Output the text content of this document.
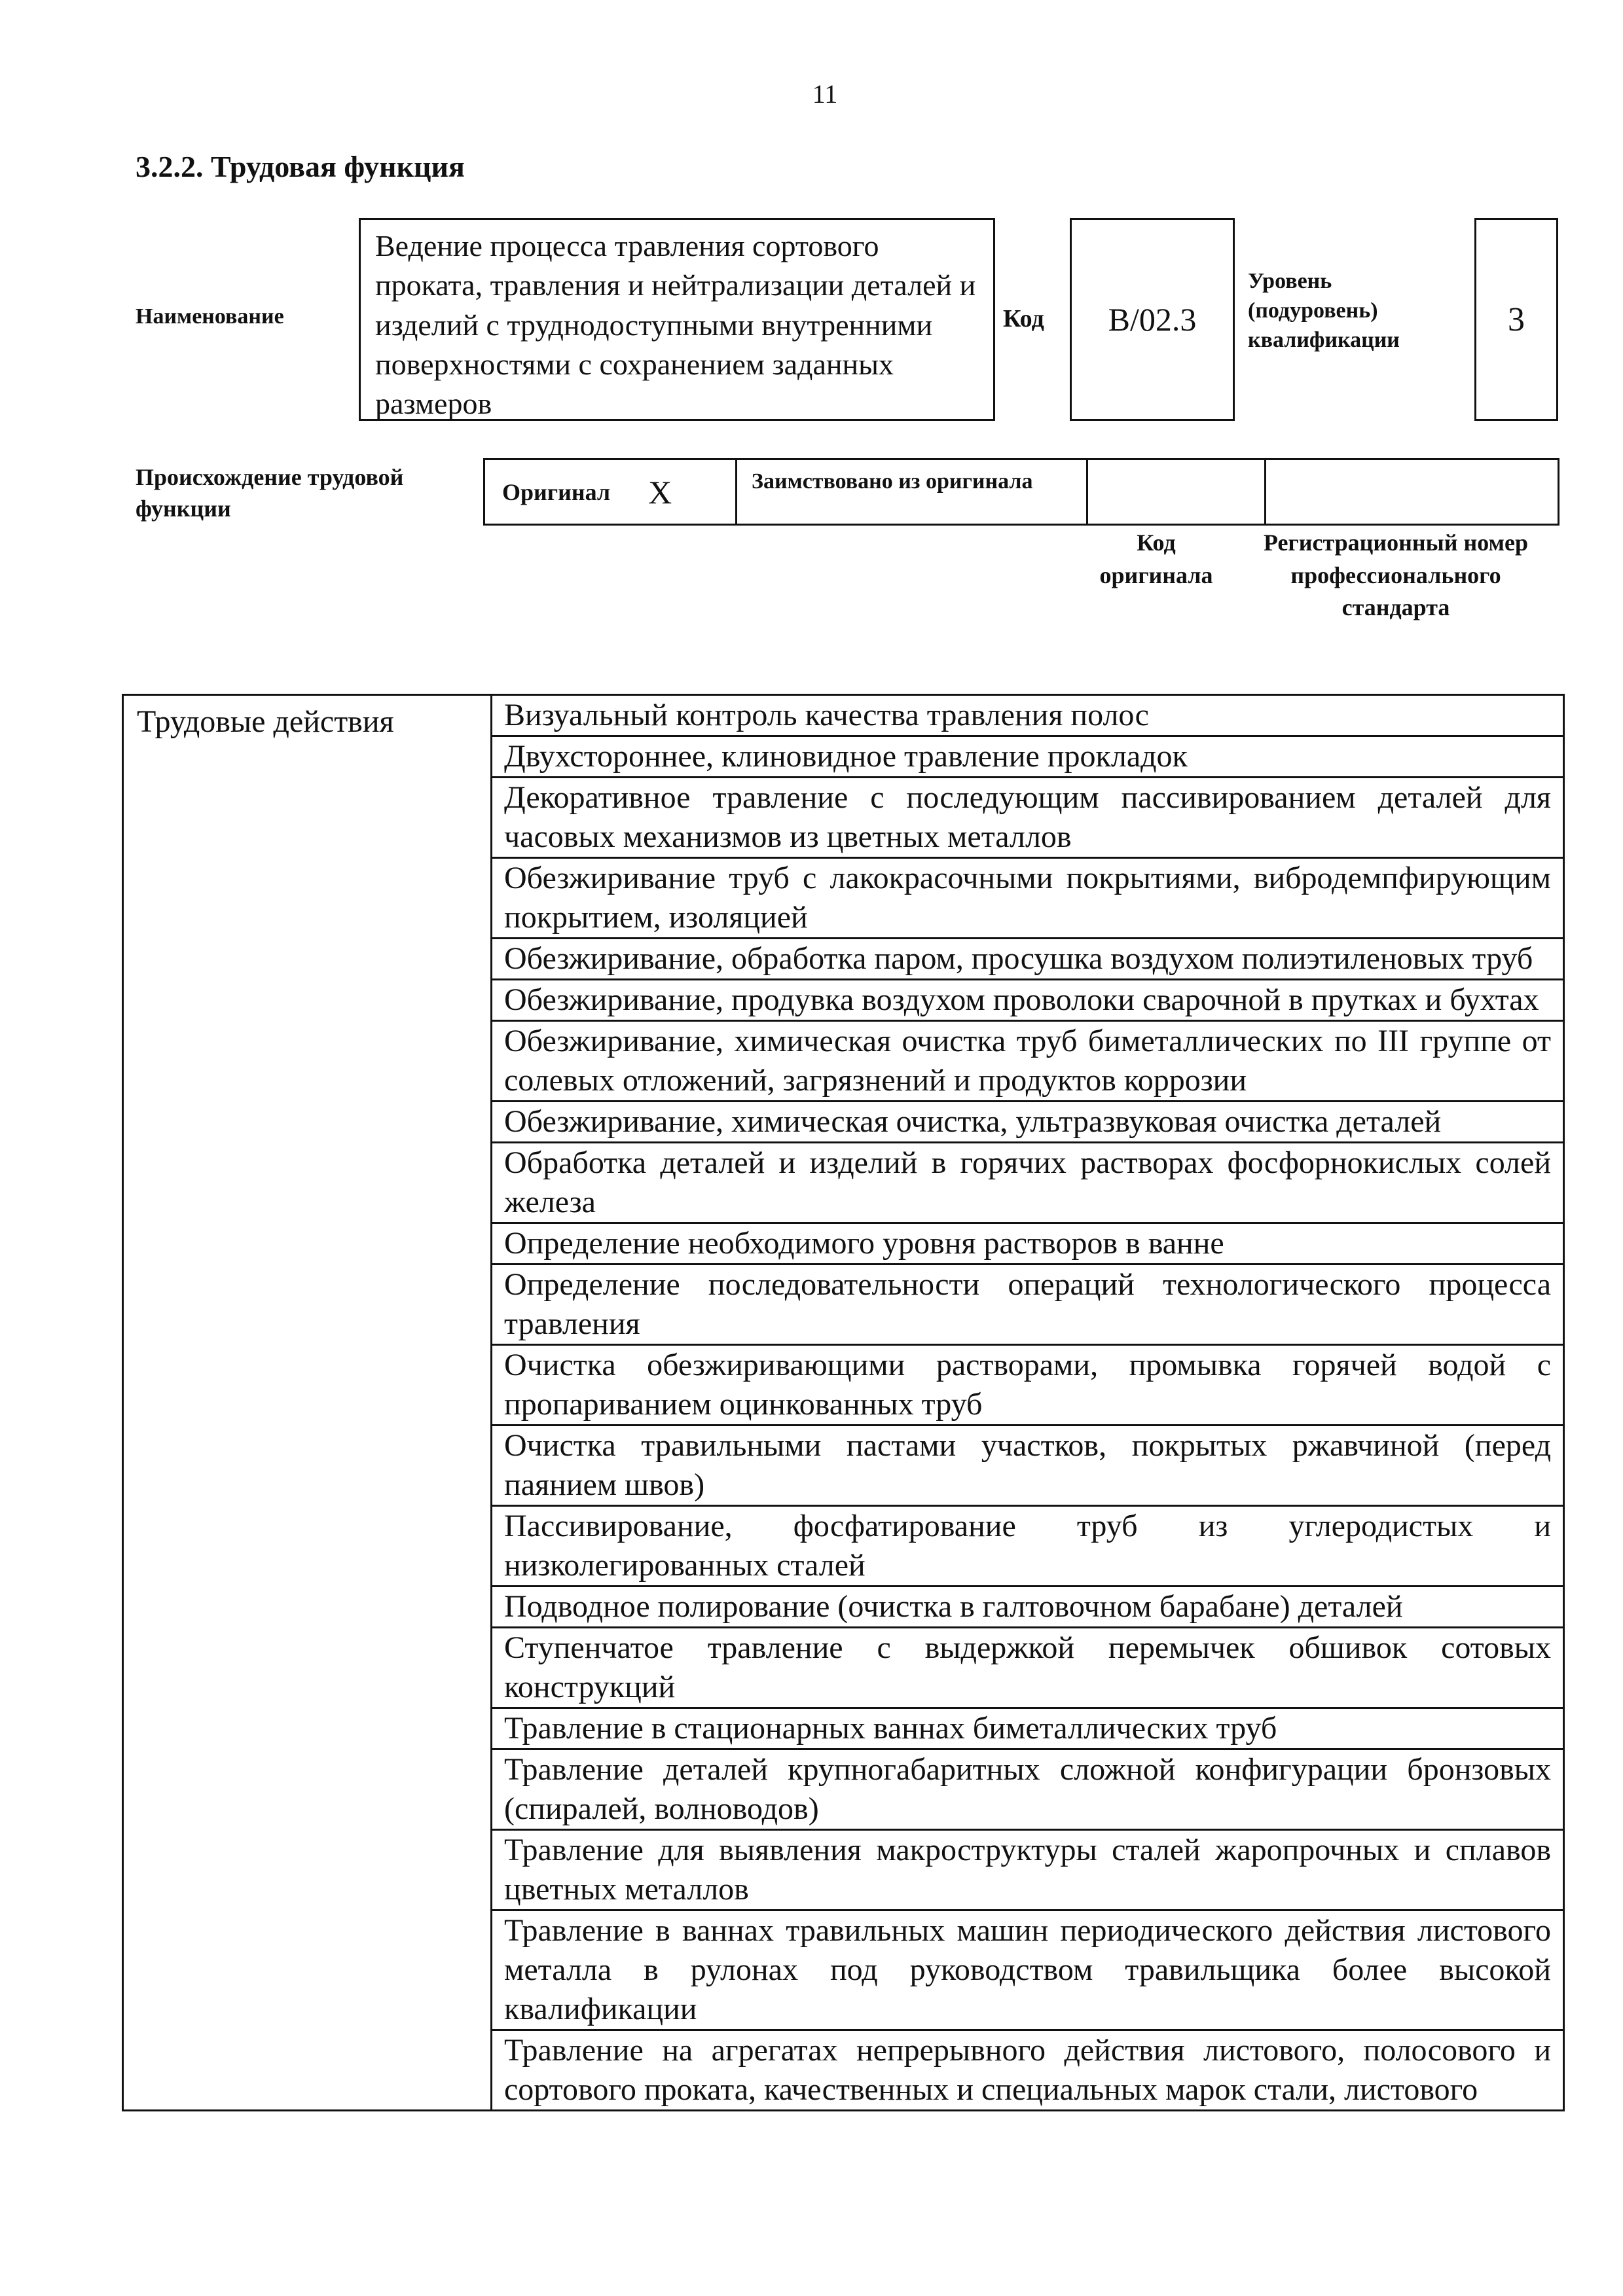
11
3.2.2. Трудовая функция
Наименование
Ведение процесса травления сортового проката, травления и нейтрализации деталей и изделий с труднодоступными внутренними поверхностями с сохранением заданных размеров
Код B/02.3
Уровень (подуровень) квалификации
3
Происхождение трудовой функции
Оригинал X	Заимствовано из оригинала
Код оригинала
Регистрационный номер профессионального стандарта
Трудовые действия	Визуальный контроль качества травления полос
Двухстороннее, клиновидное травление прокладок
Декоративное травление с последующим пассивированием деталей для часовых механизмов из цветных металлов
Обезжиривание труб с лакокрасочными покрытиями, вибродемпфирующим покрытием, изоляцией
Обезжиривание, обработка паром, просушка воздухом полиэтиленовых труб
Обезжиривание, продувка воздухом проволоки сварочной в прутках и бухтах
Обезжиривание, химическая очистка труб биметаллических по III группе от солевых отложений, загрязнений и продуктов коррозии
Обезжиривание, химическая очистка, ультразвуковая очистка деталей
Обработка деталей и изделий в горячих растворах фосфорнокислых солей железа
Определение необходимого уровня растворов в ванне
Определение последовательности операций технологического процесса травления
Очистка обезжиривающими растворами, промывка горячей водой с пропариванием оцинкованных труб
Очистка травильными пастами участков, покрытых ржавчиной (перед паянием швов)
Пассивирование, фосфатирование труб из углеродистых и низколегированных сталей
Подводное полирование (очистка в галтовочном барабане) деталей
Ступенчатое травление с выдержкой перемычек обшивок сотовых конструкций
Травление в стационарных ваннах биметаллических труб
Травление деталей крупногабаритных сложной конфигурации бронзовых (спиралей, волноводов)
Травление для выявления макроструктуры сталей жаропрочных и сплавов цветных металлов
Травление в ваннах травильных машин периодического действия листового металла в рулонах под руководством травильщика более высокой квалификации
Травление на агрегатах непрерывного действия листового, полосового и сортового проката, качественных и специальных марок стали, листового
